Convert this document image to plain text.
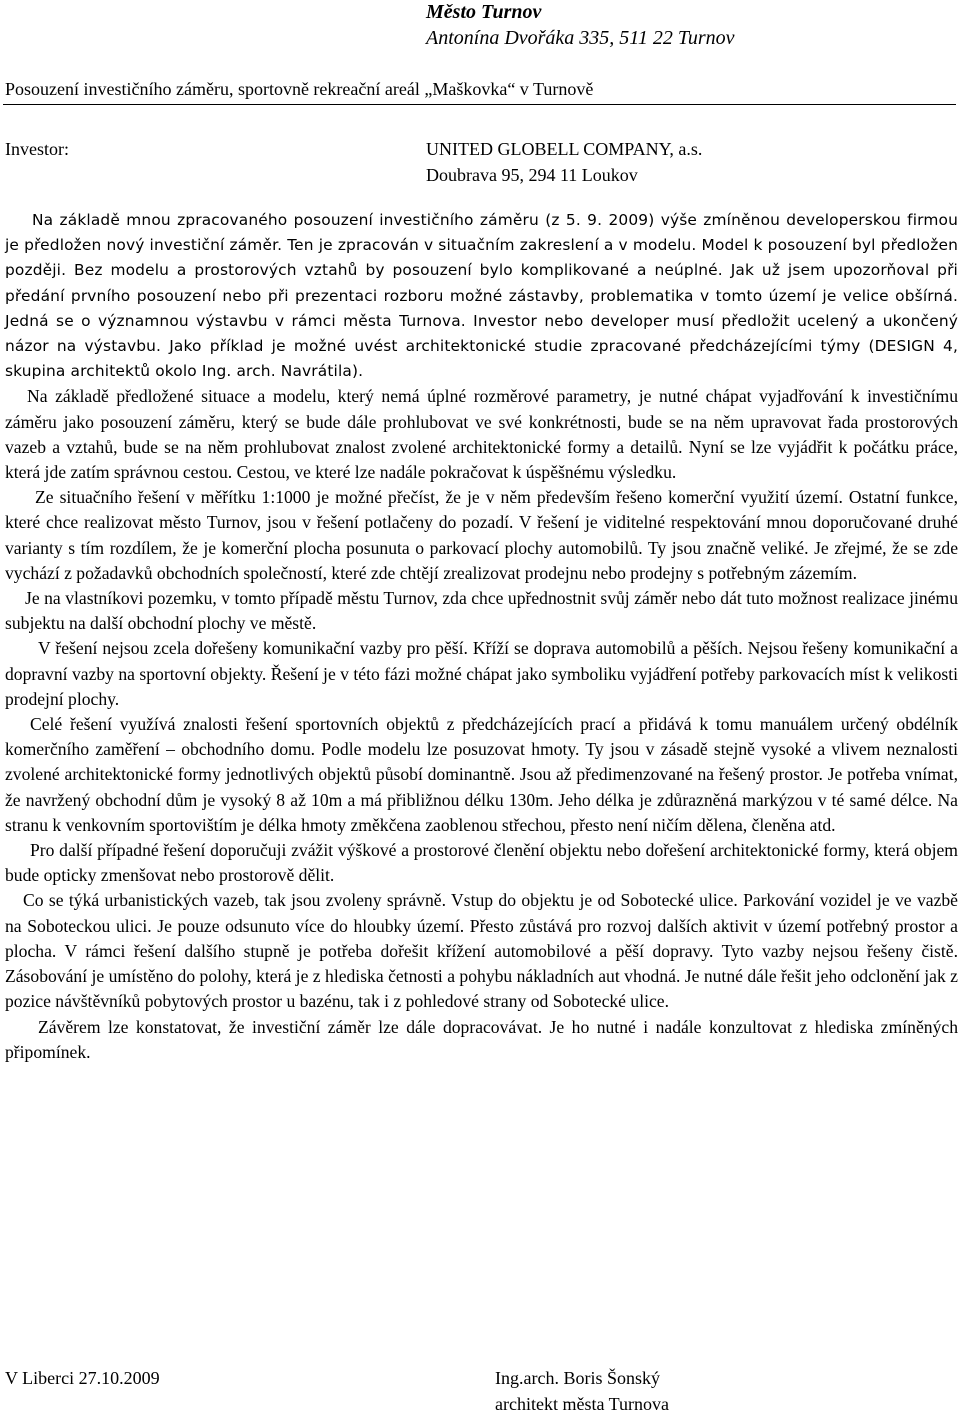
Město Turnov
Antonína Dvořáka 335, 511 22 Turnov
Posouzení investičního záměru, sportovně rekreační areál „Maškovka“ v Turnově
Investor:	UNITED GLOBELL COMPANY, a.s.
Doubrava 95, 294 11 Loukov

Na základě mnou zpracovaného posouzení investičního záměru (z 5. 9. 2009) výše zmíněnou developerskou firmou je předložen nový investiční záměr. Ten je zpracován v situačním zakreslení a v modelu. Model k posouzení byl předložen později. Bez modelu a prostorových vztahů by posouzení bylo komplikované a neúplné. Jak už jsem upozorňoval při předání prvního posouzení nebo při prezentaci rozboru možné zástavby, problematika v tomto území je velice obšírná. Jedná se o významnou výstavbu v rámci města Turnova. Investor nebo developer musí předložit ucelený a ukončený názor na výstavbu. Jako příklad je možné uvést architektonické studie zpracované předcházejícími týmy (DESIGN 4, skupina architektů okolo Ing. arch. Navrátila).

Na základě předložené situace a modelu, který nemá úplné rozměrové parametry, je nutné chápat vyjadřování k investičnímu záměru jako posouzení záměru, který se bude dále prohlubovat ve své konkrétnosti, bude se na něm upravovat řada prostorových vazeb a vztahů, bude se na něm prohlubovat znalost zvolené architektonické formy a detailů. Nyní se lze vyjádřit k počátku práce, která jde zatím správnou cestou. Cestou, ve které lze nadále pokračovat k úspěšnému výsledku.

Ze situačního řešení v měřítku 1:1000 je možné přečíst, že je v něm především řešeno komerční využití území. Ostatní funkce, které chce realizovat město Turnov, jsou v řešení potlačeny do pozadí. V řešení je viditelné respektování mnou doporučované druhé varianty s tím rozdílem, že je komerční plocha posunuta o parkovací plochy automobilů. Ty jsou značně veliké. Je zřejmé, že se zde vychází z požadavků obchodních společností, které zde chtějí zrealizovat prodejnu nebo prodejny s potřebným zázemím.

Je na vlastníkovi pozemku, v tomto případě městu Turnov, zda chce upřednostnit svůj záměr nebo dát tuto možnost realizace jinému subjektu na další obchodní plochy ve městě.

V řešení nejsou zcela dořešeny komunikační vazby pro pěší. Kříží se doprava automobilů a pěších. Nejsou řešeny komunikační a dopravní vazby na sportovní objekty. Řešení je v této fázi možné chápat jako symboliku vyjádření potřeby parkovacích míst k velikosti prodejní plochy.

Celé řešení využívá znalosti řešení sportovních objektů z předcházejících prací a přidává k tomu manuálem určený obdélník komerčního zaměření – obchodního domu. Podle modelu lze posuzovat hmoty. Ty jsou v zásadě stejně vysoké a vlivem neznalosti zvolené architektonické formy jednotlivých objektů působí dominantně. Jsou až předimenzované na řešený prostor. Je potřeba vnímat, že navržený obchodní dům je vysoký 8 až 10m a má přibližnou délku 130m. Jeho délka je zdůrazněná markýzou v té samé délce. Na stranu k venkovním sportovištím je délka hmoty změkčena zaoblenou střechou, přesto není ničím dělena, členěna atd.

Pro další případné řešení doporučuji zvážit výškové a prostorové členění objektu nebo dořešení architektonické formy, která objem bude opticky zmenšovat nebo prostorově dělit.

Co se týká urbanistických vazeb, tak jsou zvoleny správně. Vstup do objektu je od Sobotecké ulice. Parkování vozidel je ve vazbě na Soboteckou ulici. Je pouze odsunuto více do hloubky území. Přesto zůstává pro rozvoj dalších aktivit v území potřebný prostor a plocha. V rámci řešení dalšího stupně je potřeba dořešit křížení automobilové a pěší dopravy. Tyto vazby nejsou řešeny čistě. Zásobování je umístěno do polohy, která je z hlediska četnosti a pohybu nákladních aut vhodná. Je nutné dále řešit jeho odclonění jak z pozice návštěvníků pobytových prostor u bazénu, tak i z pohledové strany od Sobotecké ulice.

Závěrem lze konstatovat, že investiční záměr lze dále dopracovávat. Je ho nutné i nadále konzultovat z hlediska zmíněných připomínek.

V Liberci 27.10.2009	Ing.arch. Boris Šonský
architekt města Turnova
